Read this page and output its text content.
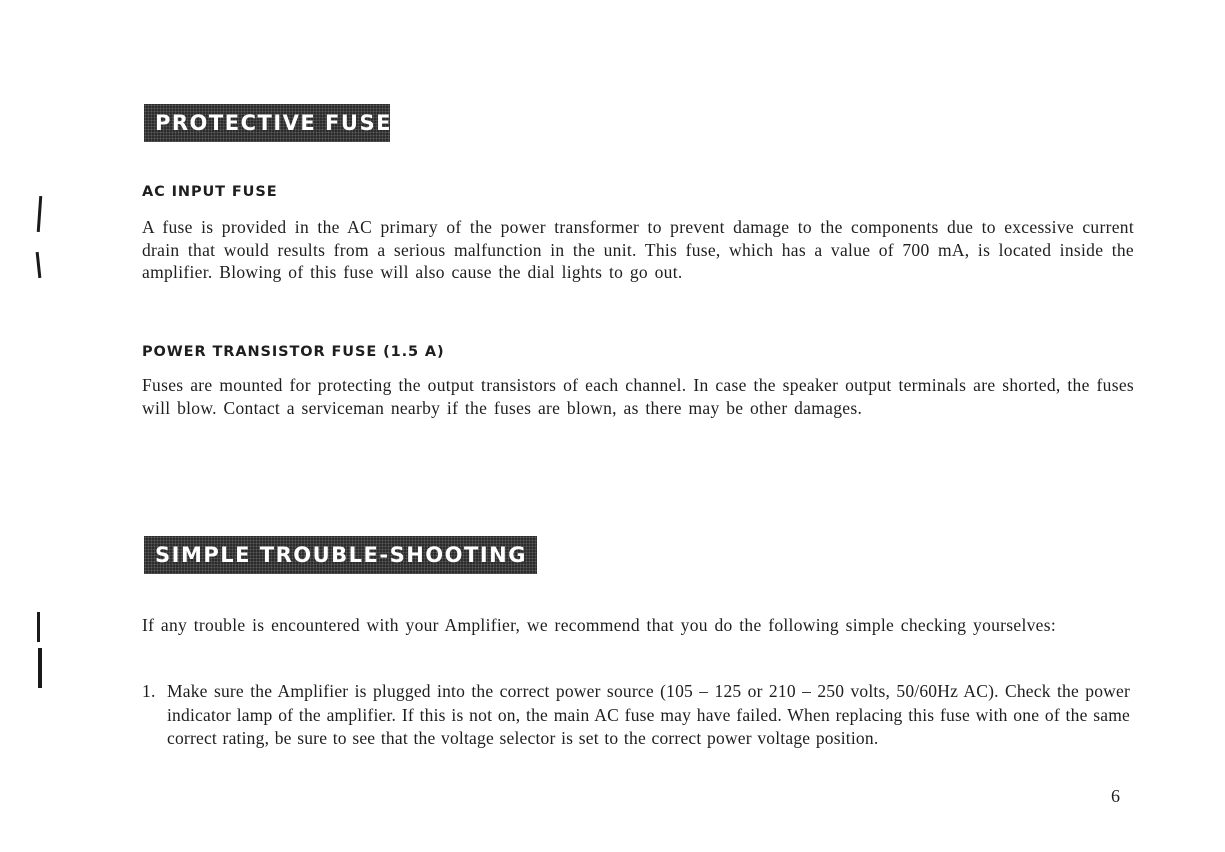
PROTECTIVE FUSE
AC INPUT FUSE

A fuse is provided in the AC primary of the power transformer to prevent damage to the components due to excessive current drain that would results from a serious malfunction in the unit. This fuse, which has a value of 700 mA, is located inside the amplifier. Blowing of this fuse will also cause the dial lights to go out.

POWER TRANSISTOR FUSE (1.5 A)

Fuses are mounted for protecting the output transistors of each channel. In case the speaker output terminals are shorted, the fuses will blow. Contact a serviceman nearby if the fuses are blown, as there may be other damages.

SIMPLE TROUBLE-SHOOTING

If any trouble is encountered with your Amplifier, we recommend that you do the following simple checking yourselves:

1. Make sure the Amplifier is plugged into the correct power source (105 – 125 or 210 – 250 volts, 50/60Hz AC). Check the power indicator lamp of the amplifier. If this is not on, the main AC fuse may have failed. When replacing this fuse with one of the same correct rating, be sure to see that the voltage selector is set to the correct power voltage position.

6
